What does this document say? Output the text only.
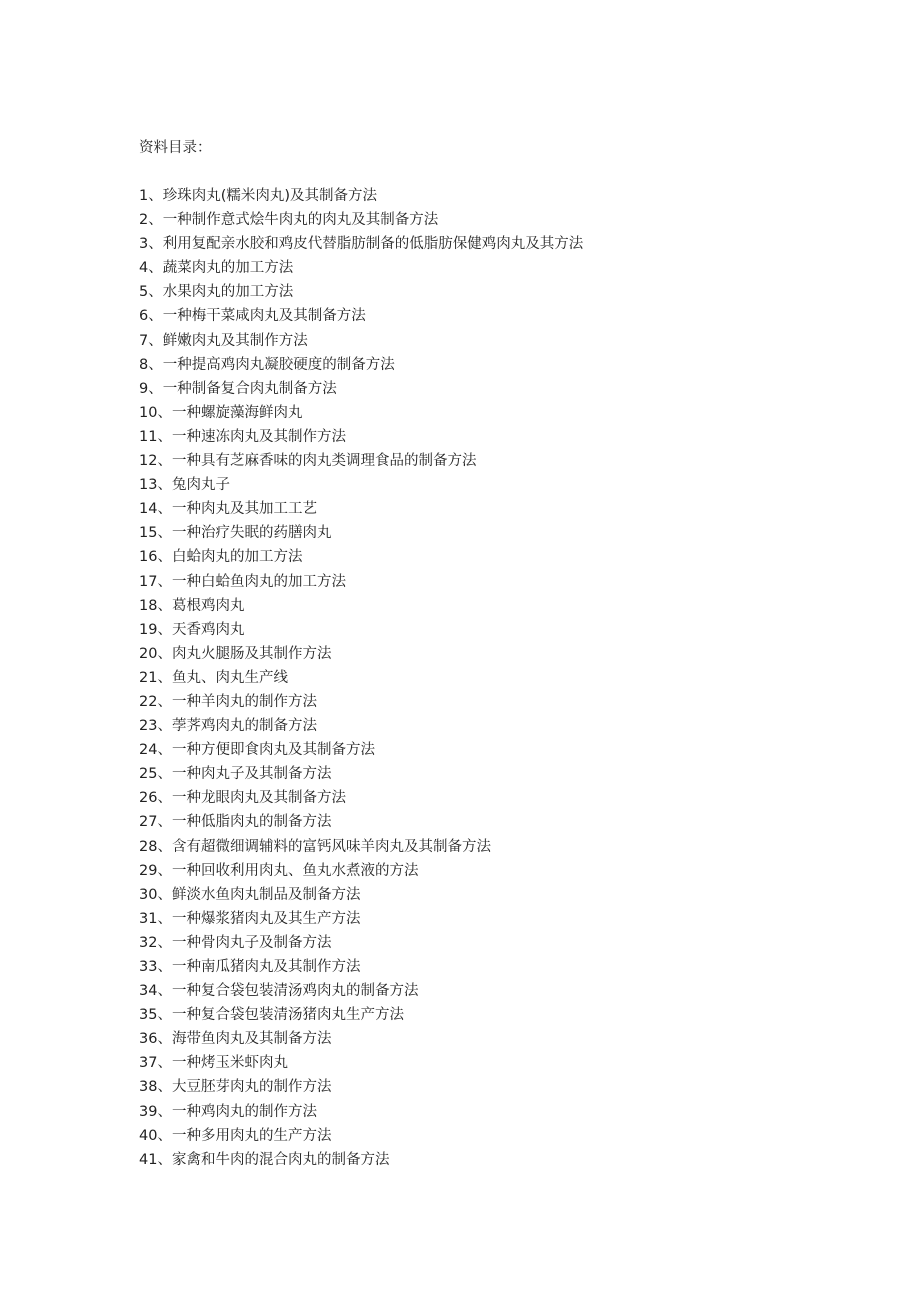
资料目录：
1、珍珠肉丸(糯米肉丸)及其制备方法
2、一种制作意式烩牛肉丸的肉丸及其制备方法
3、利用复配亲水胶和鸡皮代替脂肪制备的低脂肪保健鸡肉丸及其方法
4、蔬菜肉丸的加工方法
5、水果肉丸的加工方法
6、一种梅干菜咸肉丸及其制备方法
7、鲜嫩肉丸及其制作方法
8、一种提高鸡肉丸凝胶硬度的制备方法
9、一种制备复合肉丸制备方法
10、一种螺旋藻海鲜肉丸
11、一种速冻肉丸及其制作方法
12、一种具有芝麻香味的肉丸类调理食品的制备方法
13、兔肉丸子
14、一种肉丸及其加工工艺
15、一种治疗失眠的药膳肉丸
16、白蛤肉丸的加工方法
17、一种白蛤鱼肉丸的加工方法
18、葛根鸡肉丸
19、天香鸡肉丸
20、肉丸火腿肠及其制作方法
21、鱼丸、肉丸生产线
22、一种羊肉丸的制作方法
23、荸荠鸡肉丸的制备方法
24、一种方便即食肉丸及其制备方法
25、一种肉丸子及其制备方法
26、一种龙眼肉丸及其制备方法
27、一种低脂肉丸的制备方法
28、含有超微细调辅料的富钙风味羊肉丸及其制备方法
29、一种回收利用肉丸、鱼丸水煮液的方法
30、鲜淡水鱼肉丸制品及制备方法
31、一种爆浆猪肉丸及其生产方法
32、一种骨肉丸子及制备方法
33、一种南瓜猪肉丸及其制作方法
34、一种复合袋包装清汤鸡肉丸的制备方法
35、一种复合袋包装清汤猪肉丸生产方法
36、海带鱼肉丸及其制备方法
37、一种烤玉米虾肉丸
38、大豆胚芽肉丸的制作方法
39、一种鸡肉丸的制作方法
40、一种多用肉丸的生产方法
41、家禽和牛肉的混合肉丸的制备方法
